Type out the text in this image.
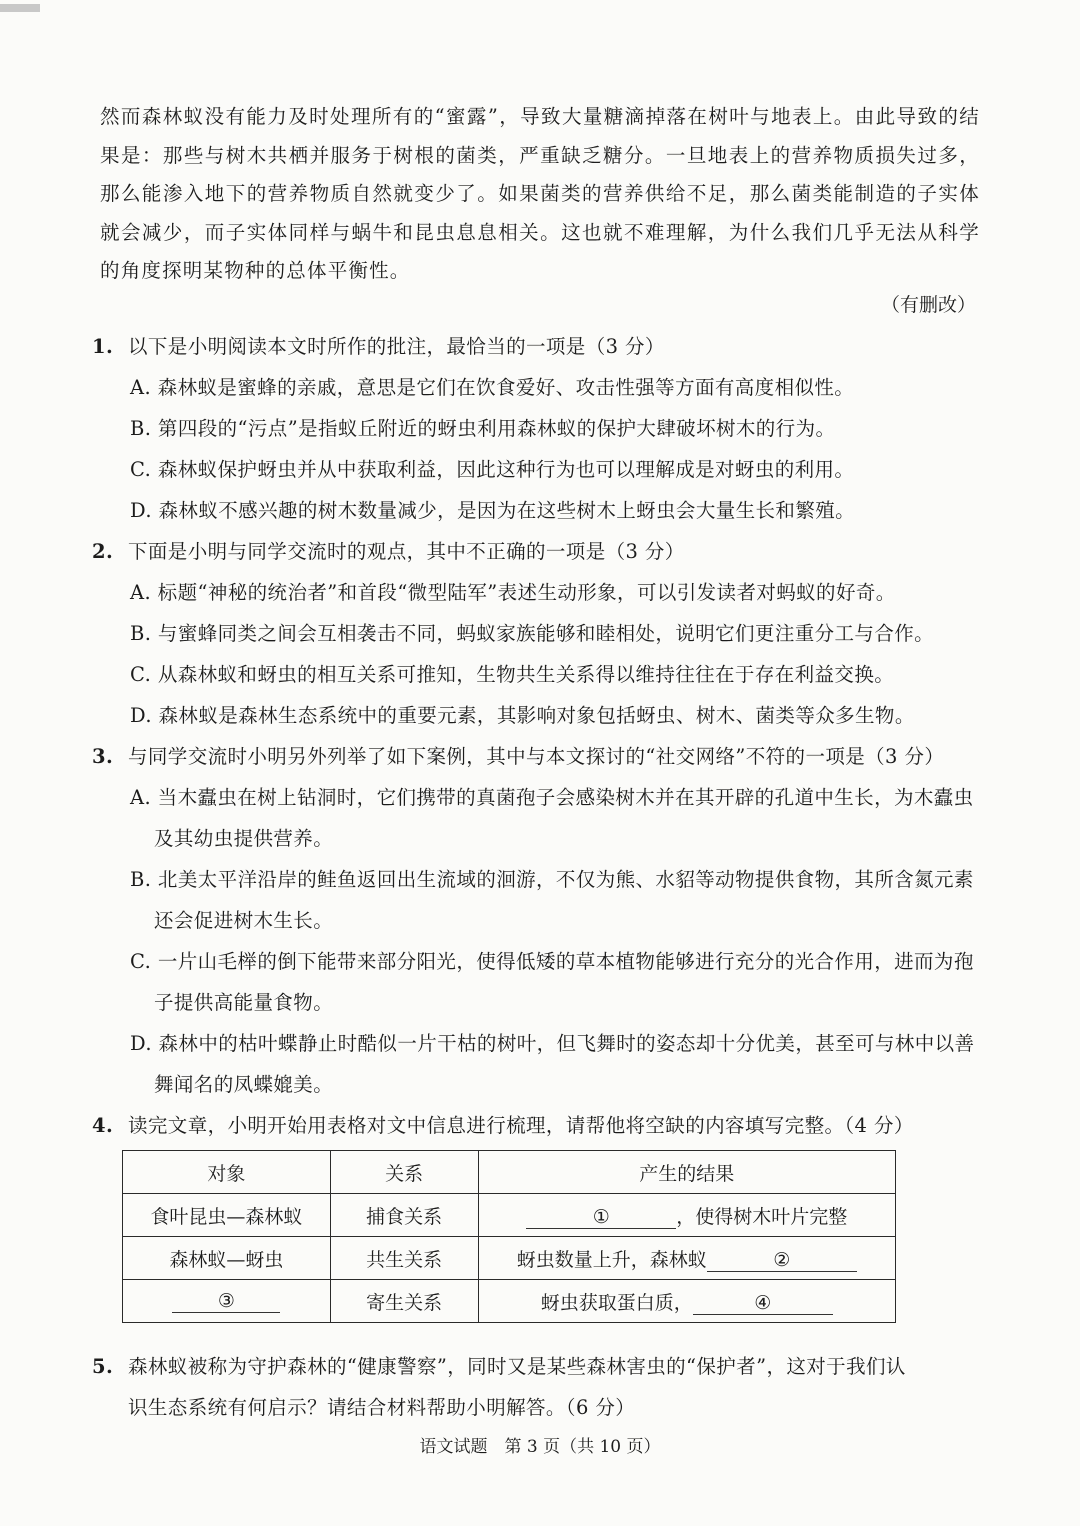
然而森林蚁没有能力及时处理所有的“蜜露”，导致大量糖滴掉落在树叶与地表上。由此导致的结果是：那些与树木共栖并服务于树根的菌类，严重缺乏糖分。一旦地表上的营养物质损失过多，那么能渗入地下的营养物质自然就变少了。如果菌类的营养供给不足，那么菌类能制造的子实体就会减少，而子实体同样与蜗牛和昆虫息息相关。这也就不难理解，为什么我们几乎无法从科学的角度探明某物种的总体平衡性。

（有删改）
1. 以下是小明阅读本文时所作的批注，最恰当的一项是（3 分）
A. 森林蚁是蜜蜂的亲戚，意思是它们在饮食爱好、攻击性强等方面有高度相似性。
B. 第四段的“污点”是指蚁丘附近的蚜虫利用森林蚁的保护大肆破坏树木的行为。
C. 森林蚁保护蚜虫并从中获取利益，因此这种行为也可以理解成是对蚜虫的利用。
D. 森林蚁不感兴趣的树木数量减少，是因为在这些树木上蚜虫会大量生长和繁殖。
2. 下面是小明与同学交流时的观点，其中不正确的一项是（3 分）
A. 标题“神秘的统治者”和首段“微型陆军”表述生动形象，可以引发读者对蚂蚁的好奇。
B. 与蜜蜂同类之间会互相袭击不同，蚂蚁家族能够和睦相处，说明它们更注重分工与合作。
C. 从森林蚁和蚜虫的相互关系可推知，生物共生关系得以维持往往在于存在利益交换。
D. 森林蚁是森林生态系统中的重要元素，其影响对象包括蚜虫、树木、菌类等众多生物。
3. 与同学交流时小明另外列举了如下案例，其中与本文探讨的“社交网络”不符的一项是（3 分）
A. 当木蠹虫在树上钻洞时，它们携带的真菌孢子会感染树木并在其开辟的孔道中生长，为木蠹虫及其幼虫提供营养。
B. 北美太平洋沿岸的鲑鱼返回出生流域的洄游，不仅为熊、水貂等动物提供食物，其所含氮元素还会促进树木生长。
C. 一片山毛榉的倒下能带来部分阳光，使得低矮的草本植物能够进行充分的光合作用，进而为孢子提供高能量食物。
D. 森林中的枯叶蝶静止时酷似一片干枯的树叶，但飞舞时的姿态却十分优美，甚至可与林中以善舞闻名的凤蝶媲美。
4. 读完文章，小明开始用表格对文中信息进行梳理，请帮他将空缺的内容填写完整。（4 分）
对象	关系	产生的结果
食叶昆虫—森林蚁	捕食关系	① ，使得树木叶片完整
森林蚁—蚜虫	共生关系	蚜虫数量上升，森林蚁 ②
③	寄生关系	蚜虫获取蛋白质， ④
5. 森林蚁被称为守护森林的“健康警察”，同时又是某些森林害虫的“保护者”，这对于我们认
识生态系统有何启示？请结合材料帮助小明解答。（6 分）
语文试题　第 3 页（共 10 页）
